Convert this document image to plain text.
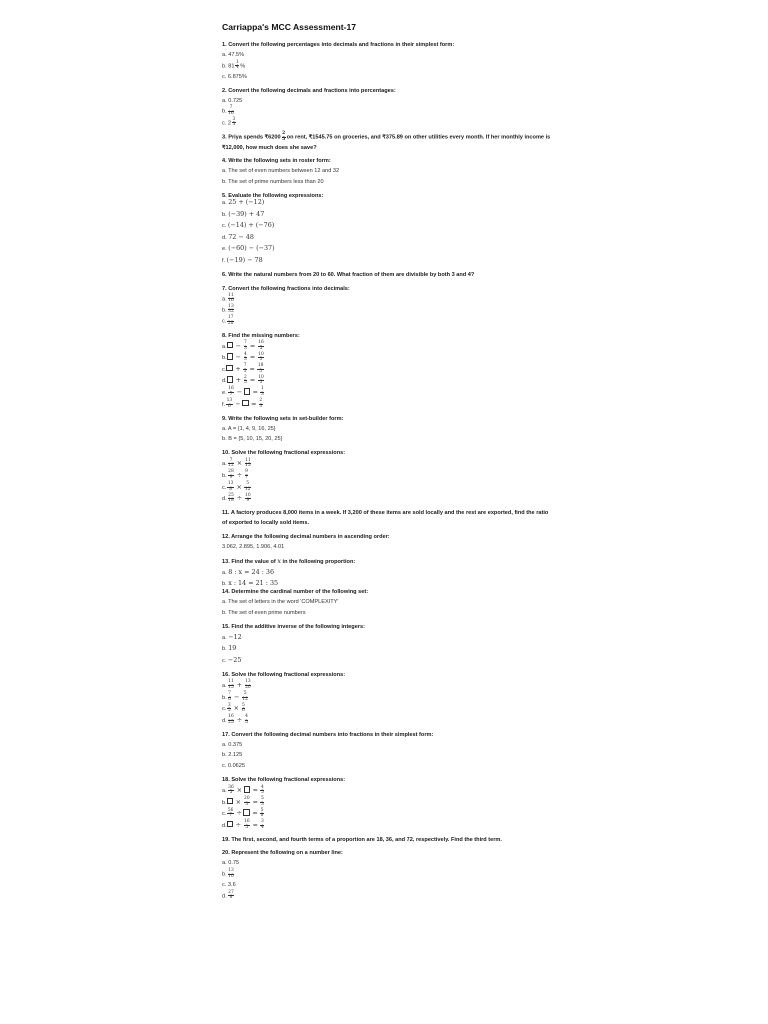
Carriappa's MCC Assessment-17
1. Convert the following percentages into decimals and fractions in their simplest form:
a. 47.5%
b. $81 \frac{1}{4}$ %
c. 6.875%
2. Convert the following decimals and fractions into percentages:
a. 0.725
b. $\frac{7}{16}$
c. $2 \frac{3}{5}$
3. Priya spends ₹6200 $\frac{2}{5}$ on rent, ₹1545.75 on groceries, and ₹375.89 on other utilities every month. If her monthly income is ₹12,000, how much does she save?
4. Write the following sets in roster form:
a. The set of even numbers between 12 and 32
b. The set of prime numbers less than 20
5. Evaluate the following expressions:
a. 25 + (−12)
b. (−39) + 47
c. (−14) + (−76)
d. 72 − 48
e. (−60) − (−37)
f. (−19) − 78
6. Write the natural numbers from 20 to 60. What fraction of them are divisible by both 3 and 4?
7. Convert the following fractions into decimals:
a. $\frac{11}{16}$
b. $\frac{13}{32}$
c. $\frac{17}{20}$
8. Find the missing numbers:
a. − $\frac{7}{3} = \frac{16}{5}$
b. − $\frac{4}{3} = \frac{10}{3}$
c. + $\frac{7}{5} = \frac{18}{5}$
d. + $\frac{2}{5} = \frac{10}{3}$
e. $\frac{16}{7}$ − = $\frac{1}{3}$
f. $\frac{13}{6}$ − = $\frac{2}{3}$
9. Write the following sets in set-builder form:
a. A = {1, 4, 9, 16, 25}
b. B = {5, 10, 15, 20, 25}
10. Solve the following fractional expressions:
a. $\frac{7}{12} \times \frac{11}{15}$
b. $\frac{28}{9} \div \frac{9}{7}$
c. $\frac{13}{8} \times \frac{5}{12}$
d. $\frac{25}{18} \div \frac{10}{9}$
11. A factory produces 8,000 items in a week. If 3,200 of these items are sold locally and the rest are exported, find the ratio of exported to locally sold items.
12. Arrange the following decimal numbers in ascending order:
3.062, 2.895, 1.906, 4.01
13. Find the value of x in the following proportion:
a. 8 : x = 24 : 36
b. x : 14 = 21 : 35
14. Determine the cardinal number of the following set:
a. The set of letters in the word 'COMPLEXITY'
b. The set of even prime numbers
15. Find the additive inverse of the following integers:
a. −12
b. 19
c. −25
16. Solve the following fractional expressions:
a. $\frac{11}{15} + \frac{13}{20}$
b. $\frac{7}{6} - \frac{5}{12}$
c. $\frac{3}{5} \times \frac{5}{6}$
d. $\frac{16}{25} \div \frac{4}{5}$
17. Convert the following decimal numbers into fractions in their simplest form:
a. 0.375
b. 2.125
c. 0.0625
18. Solve the following fractional expressions:
a. $\frac{36}{5}$ × = $\frac{4}{5}$
b. × $\frac{20}{3} = \frac{5}{3}$
c. $\frac{56}{7}$ ÷ = $\frac{5}{8}$
d. ÷ $\frac{16}{5} = \frac{3}{4}$
19. The first, second, and fourth terms of a proportion are 18, 36, and 72, respectively. Find the third term.
20. Represent the following on a number line:
a. 0.75
b. $\frac{13}{10}$
c. 3.6
d. $\frac{27}{8}$
